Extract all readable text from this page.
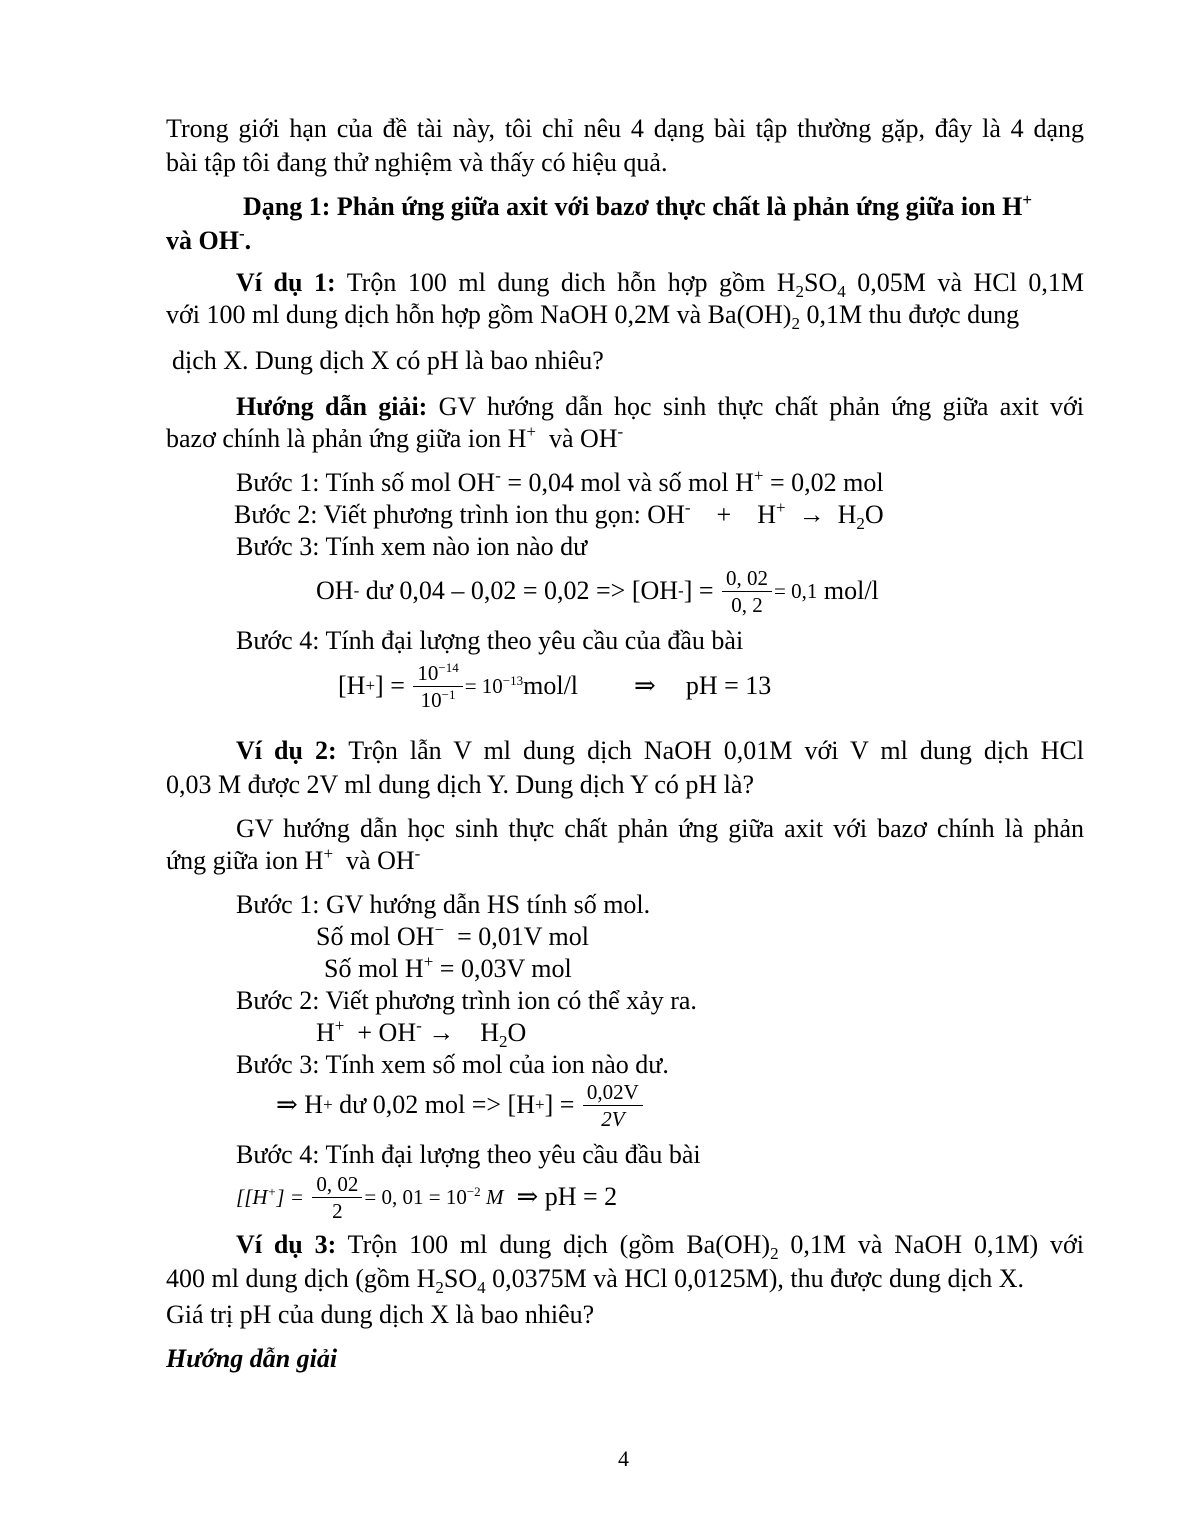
Trong giới hạn của đề tài này, tôi chỉ nêu 4 dạng bài tập thường gặp, đây là 4 dạng
bài tập tôi đang thử nghiệm và thấy có hiệu quả.
Dạng 1: Phản ứng giữa axit với bazơ thực chất là phản ứng giữa ion H+
và OH-.
Ví dụ 1: Trộn 100 ml dung dich hỗn hợp gồm $H_2SO_4$ 0,05M và HCl 0,1M
với 100 ml dung dịch hỗn hợp gồm NaOH 0,2M và $Ba(OH)_2$ 0,1M thu được dung
dịch X. Dung dịch X có pH là bao nhiêu?
Hướng dẫn giải: GV hướng dẫn học sinh thực chất phản ứng giữa axit với
bazơ chính là phản ứng giữa ion H+ và OH-
Bước 1: Tính số mol OH- = 0,04 mol và số mol H+ = 0,02 mol
Bước 2: Viết phương trình ion thu gọn: $OH^- + H^+ \to H_2O$
Bước 3: Tính xem nào ion nào dư
OH -
dư 0,04 – 0,02 = 0,02 => [OH - ] =
$\frac{0, 02}{0, 2} = 0,1$
mol/l
Bước 4: Tính đại lượng theo yêu cầu của đầu bài
[H + ] =
$\frac{10^{-14}}{10^{-1}} = 10^{-13}$ mol/l ⇒ pH = 13
Ví dụ 2: Trộn lẫn V ml dung dịch NaOH 0,01M với V ml dung dịch HCl
0,03 M được 2V ml dung dịch Y. Dung dịch Y có pH là?
GV hướng dẫn học sinh thực chất phản ứng giữa axit với bazơ chính là phản
ứng giữa ion H+ và OH-
Bước 1: GV hướng dẫn HS tính số mol.
Số mol OH− = 0,01V mol
Số mol H+ = 0,03V mol
Bước 2: Viết phương trình ion có thể xảy ra.
$H^+ + OH^- \to H_2O$
Bước 3: Tính xem số mol của ion nào dư.
⇒
H +
dư 0,02 mol => [H + ] =
$\frac{0,02V}{2V}$
Bước 4: Tính đại lượng theo yêu cầu đầu bài
[[H+] =
$\frac{0, 02}{2} = 0$, $01 = 10^{-2}$ M
⇒
pH = 2
Ví dụ 3: Trộn 100 ml dung dịch (gồm $Ba(OH)_2$ 0,1M và NaOH 0,1M) với
400 ml dung dịch (gồm $H_2SO_4$ 0,0375M và HCl 0,0125M), thu được dung dịch X.
Giá trị pH của dung dịch X là bao nhiêu?
Hướng dẫn giải
4
